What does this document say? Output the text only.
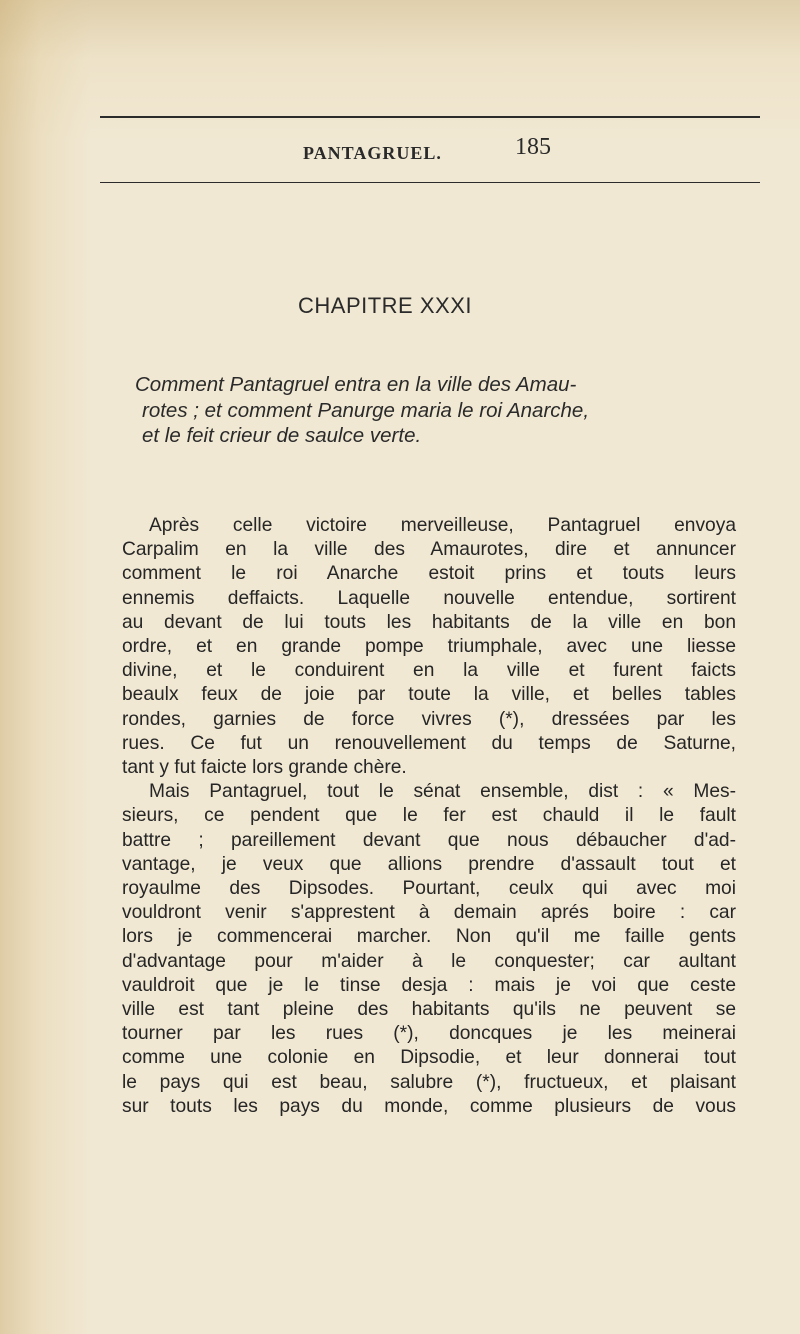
PANTAGRUEL.	185
CHAPITRE XXXI
Comment Pantagruel entra en la ville des Amau-
rotes ; et comment Panurge maria le roi Anarche,
et le feit crieur de saulce verte.
Après celle victoire merveilleuse, Pantagruel envoya
Carpalim en la ville des Amaurotes, dire et annuncer
comment le roi Anarche estoit prins et touts leurs
ennemis deffaicts. Laquelle nouvelle entendue, sortirent
au devant de lui touts les habitants de la ville en bon
ordre, et en grande pompe triumphale, avec une liesse
divine, et le conduirent en la ville et furent faicts
beaulx feux de joie par toute la ville, et belles tables
rondes, garnies de force vivres (*), dressées par les
rues. Ce fut un renouvellement du temps de Saturne,
tant y fut faicte lors grande chère.
Mais Pantagruel, tout le sénat ensemble, dist : « Mes-
sieurs, ce pendent que le fer est chauld il le fault
battre ; pareillement devant que nous débaucher d'ad-
vantage, je veux que allions prendre d'assault tout et
royaulme des Dipsodes. Pourtant, ceulx qui avec moi
vouldront venir s'apprestent à demain aprés boire : car
lors je commencerai marcher. Non qu'il me faille gents
d'advantage pour m'aider à le conquester; car aultant
vauldroit que je le tinse desja : mais je voi que ceste
ville est tant pleine des habitants qu'ils ne peuvent se
tourner par les rues (*), doncques je les meinerai
comme une colonie en Dipsodie, et leur donnerai tout
le pays qui est beau, salubre (*), fructueux, et plaisant
sur touts les pays du monde, comme plusieurs de vous
